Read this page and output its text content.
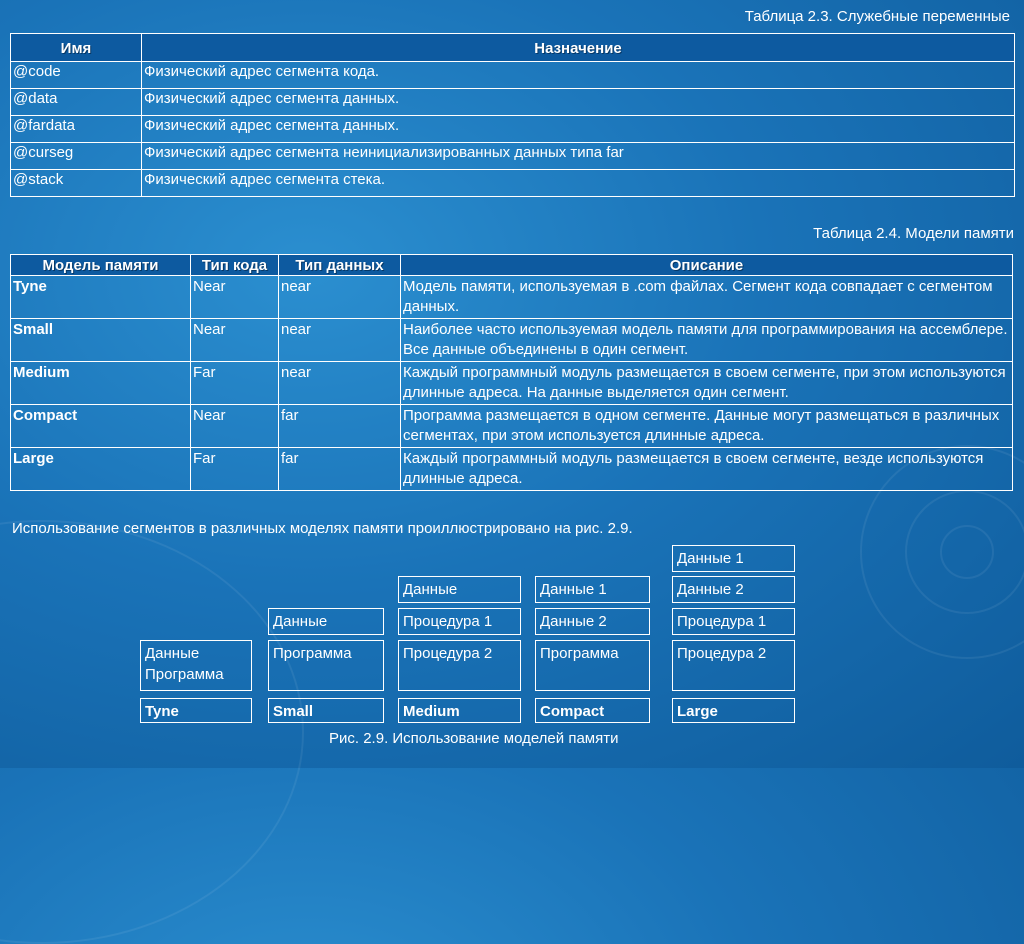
Таблица 2.3. Служебные переменные
Имя	Назначение
@code	Физический адрес сегмента кода.
@data	Физический адрес сегмента данных.
@fardata	Физический адрес сегмента данных.
@curseg	Физический адрес сегмента неинициализированных данных типа far
@stack	Физический адрес сегмента стека.
Таблица 2.4. Модели памяти
Модель памяти	Тип кода	Тип данных	Описание
Tyne	Near	near	Модель памяти, используемая в .com файлах. Сегмент кода совпадает с сегментом данных.
Small	Near	near	Наиболее часто используемая модель памяти для программирования на ассемблере. Все данные объединены в один сегмент.
Medium	Far	near	Каждый программный модуль размещается в своем сегменте, при этом используются длинные адреса. На данные выделяется один сегмент.
Compact	Near	far	Программа размещается в одном сегменте. Данные могут размещаться в различных сегментах, при этом используется длинные адреса.
Large	Far	far	Каждый программный модуль размещается в своем сегменте, везде используются длинные адреса.
Использование сегментов в различных моделях памяти проиллюстрировано на рис. 2.9.
Данные
Программа
Tyne
Данные
Программа
Small
Данные
Процедура 1
Процедура 2
Medium
Данные 1
Данные 2
Программа
Compact
Данные 1
Данные 2
Процедура 1
Процедура 2
Large
Рис. 2.9. Использование моделей памяти
